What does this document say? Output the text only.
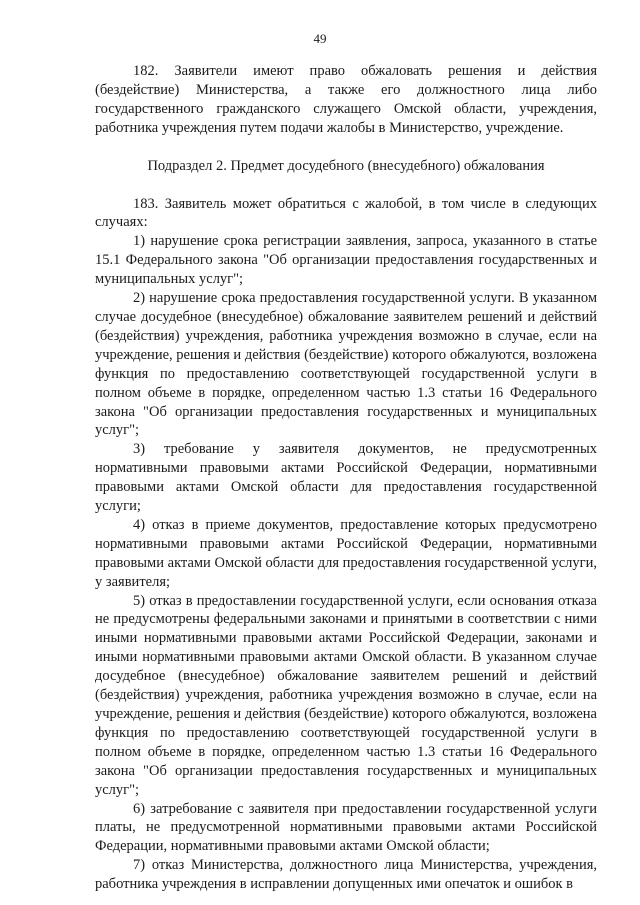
49

182. Заявители имеют право обжаловать решения и действия (бездействие) Министерства, а также его должностного лица либо государственного гражданского служащего Омской области, учреждения, работника учреждения путем подачи жалобы в Министерство, учреждение.

Подраздел 2. Предмет досудебного (внесудебного) обжалования

183. Заявитель может обратиться с жалобой, в том числе в следующих случаях:

1) нарушение срока регистрации заявления, запроса, указанного в статье 15.1 Федерального закона "Об организации предоставления государственных и муниципальных услуг";

2) нарушение срока предоставления государственной услуги. В указанном случае досудебное (внесудебное) обжалование заявителем решений и действий (бездействия) учреждения, работника учреждения возможно в случае, если на учреждение, решения и действия (бездействие) которого обжалуются, возложена функция по предоставлению соответствующей государственной услуги в полном объеме в порядке, определенном частью 1.3 статьи 16 Федерального закона "Об организации предоставления государственных и муниципальных услуг";

3) требование у заявителя документов, не предусмотренных нормативными правовыми актами Российской Федерации, нормативными правовыми актами Омской области для предоставления государственной услуги;

4) отказ в приеме документов, предоставление которых предусмотрено нормативными правовыми актами Российской Федерации, нормативными правовыми актами Омской области для предоставления государственной услуги, у заявителя;

5) отказ в предоставлении государственной услуги, если основания отказа не предусмотрены федеральными законами и принятыми в соответствии с ними иными нормативными правовыми актами Российской Федерации, законами и иными нормативными правовыми актами Омской области. В указанном случае досудебное (внесудебное) обжалование заявителем решений и действий (бездействия) учреждения, работника учреждения возможно в случае, если на учреждение, решения и действия (бездействие) которого обжалуются, возложена функция по предоставлению соответствующей государственной услуги в полном объеме в порядке, определенном частью 1.3 статьи 16 Федерального закона "Об организации предоставления государственных и муниципальных услуг";

6) затребование с заявителя при предоставлении государственной услуги платы, не предусмотренной нормативными правовыми актами Российской Федерации, нормативными правовыми актами Омской области;

7) отказ Министерства, должностного лица Министерства, учреждения, работника учреждения в исправлении допущенных ими опечаток и ошибок в
